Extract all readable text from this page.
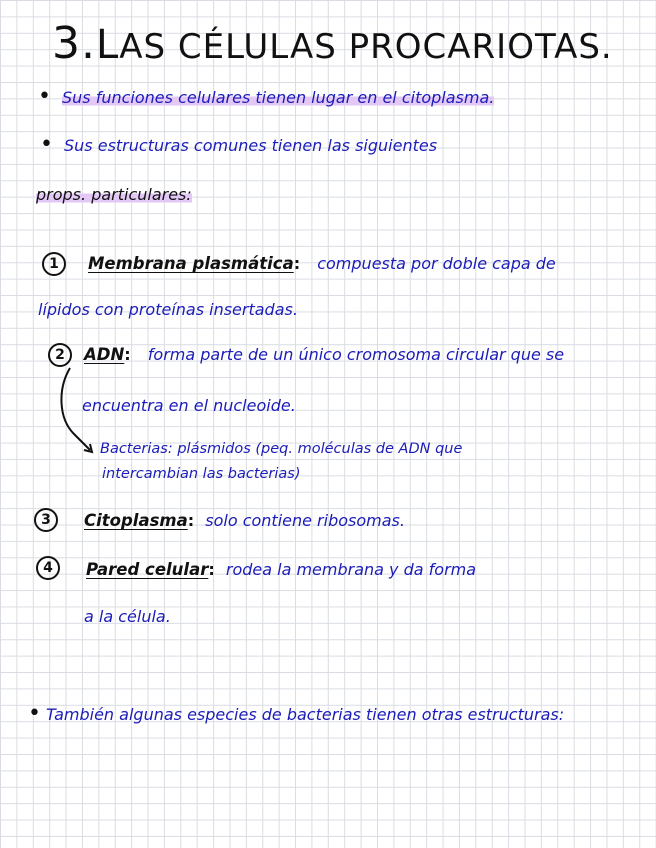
3.LAS CÉLULAS PROCARIOTAS.
• Sus funciones celulares tienen lugar en el citoplasma.
• Sus estructuras comunes tienen las siguientes
props. particulares:
1	Membrana plasmática: compuesta por doble capa de
lípidos con proteínas insertadas.
2	ADN: forma parte de un único cromosoma circular que se
encuentra en el nucleoide.
Bacterias: plásmidos (peq. moléculas de ADN que
intercambian las bacterias)
3	Citoplasma: solo contiene ribosomas.
4	Pared celular: rodea la membrana y da forma
a la célula.
• También algunas especies de bacterias tienen otras estructuras:
